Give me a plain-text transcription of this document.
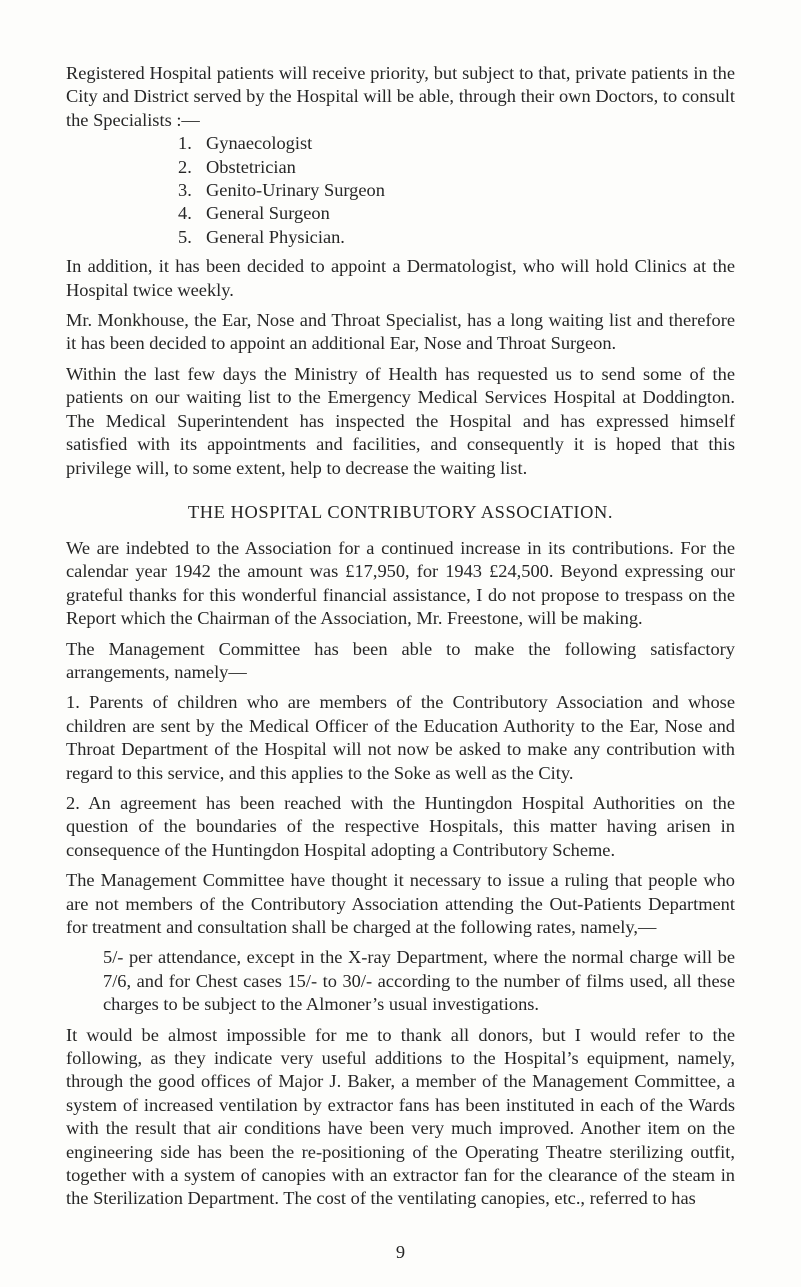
Registered Hospital patients will receive priority, but subject to that, private patients in the City and District served by the Hospital will be able, through their own Doctors, to consult the Specialists :—

1. Gynaecologist
2. Obstetrician
3. Genito-Urinary Surgeon
4. General Surgeon
5. General Physician.

In addition, it has been decided to appoint a Dermatologist, who will hold Clinics at the Hospital twice weekly.

Mr. Monkhouse, the Ear, Nose and Throat Specialist, has a long waiting list and therefore it has been decided to appoint an additional Ear, Nose and Throat Surgeon.

Within the last few days the Ministry of Health has requested us to send some of the patients on our waiting list to the Emergency Medical Services Hospital at Doddington. The Medical Superintendent has inspected the Hospital and has expressed himself satisfied with its appointments and facilities, and consequently it is hoped that this privilege will, to some extent, help to decrease the waiting list.

THE HOSPITAL CONTRIBUTORY ASSOCIATION.

We are indebted to the Association for a continued increase in its contributions. For the calendar year 1942 the amount was £17,950, for 1943 £24,500. Beyond expressing our grateful thanks for this wonderful financial assistance, I do not propose to trespass on the Report which the Chairman of the Association, Mr. Freestone, will be making.

The Management Committee has been able to make the following satisfactory arrangements, namely—

1. Parents of children who are members of the Contributory Association and whose children are sent by the Medical Officer of the Education Authority to the Ear, Nose and Throat Department of the Hospital will not now be asked to make any contribution with regard to this service, and this applies to the Soke as well as the City.

2. An agreement has been reached with the Huntingdon Hospital Authorities on the question of the boundaries of the respective Hospitals, this matter having arisen in consequence of the Huntingdon Hospital adopting a Contributory Scheme.

The Management Committee have thought it necessary to issue a ruling that people who are not members of the Contributory Association attending the Out-Patients Department for treatment and consultation shall be charged at the following rates, namely,—

5/- per attendance, except in the X-ray Department, where the normal charge will be 7/6, and for Chest cases 15/- to 30/- according to the number of films used, all these charges to be subject to the Almoner’s usual investigations.

It would be almost impossible for me to thank all donors, but I would refer to the following, as they indicate very useful additions to the Hospital’s equipment, namely, through the good offices of Major J. Baker, a member of the Management Committee, a system of increased ventilation by extractor fans has been instituted in each of the Wards with the result that air conditions have been very much improved. Another item on the engineering side has been the re-positioning of the Operating Theatre sterilizing outfit, together with a system of canopies with an extractor fan for the clearance of the steam in the Sterilization Department. The cost of the ventilating canopies, etc., referred to has

9
